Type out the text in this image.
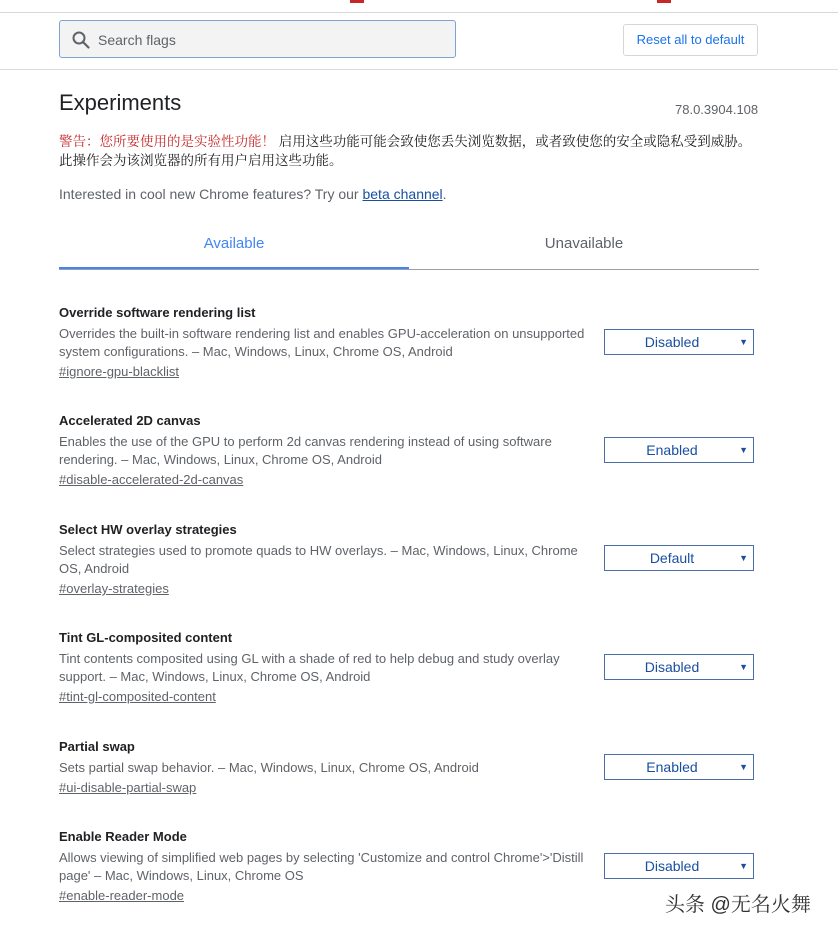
Search flags
Reset all to default
Experiments	78.0.3904.108
警告：您所要使用的是实验性功能！ 启用这些功能可能会致使您丢失浏览数据，或者致使您的安全或隐私受到威胁。此操作会为该浏览器的所有用户启用这些功能。
Interested in cool new Chrome features? Try our beta channel.
Available	Unavailable
Override software rendering list
Overrides the built-in software rendering list and enables GPU-acceleration on unsupported system configurations. – Mac, Windows, Linux, Chrome OS, Android
#ignore-gpu-blacklist
Disabled	▼
Accelerated 2D canvas
Enables the use of the GPU to perform 2d canvas rendering instead of using software rendering. – Mac, Windows, Linux, Chrome OS, Android
#disable-accelerated-2d-canvas
Enabled	▼
Select HW overlay strategies
Select strategies used to promote quads to HW overlays. – Mac, Windows, Linux, Chrome OS, Android
#overlay-strategies
Default	▼
Tint GL-composited content
Tint contents composited using GL with a shade of red to help debug and study overlay support. – Mac, Windows, Linux, Chrome OS, Android
#tint-gl-composited-content
Disabled	▼
Partial swap
Sets partial swap behavior. – Mac, Windows, Linux, Chrome OS, Android
#ui-disable-partial-swap
Enabled	▼
Enable Reader Mode
Allows viewing of simplified web pages by selecting 'Customize and control Chrome'>'Distill page' – Mac, Windows, Linux, Chrome OS
#enable-reader-mode
Disabled	▼
头条 @无名火舞
